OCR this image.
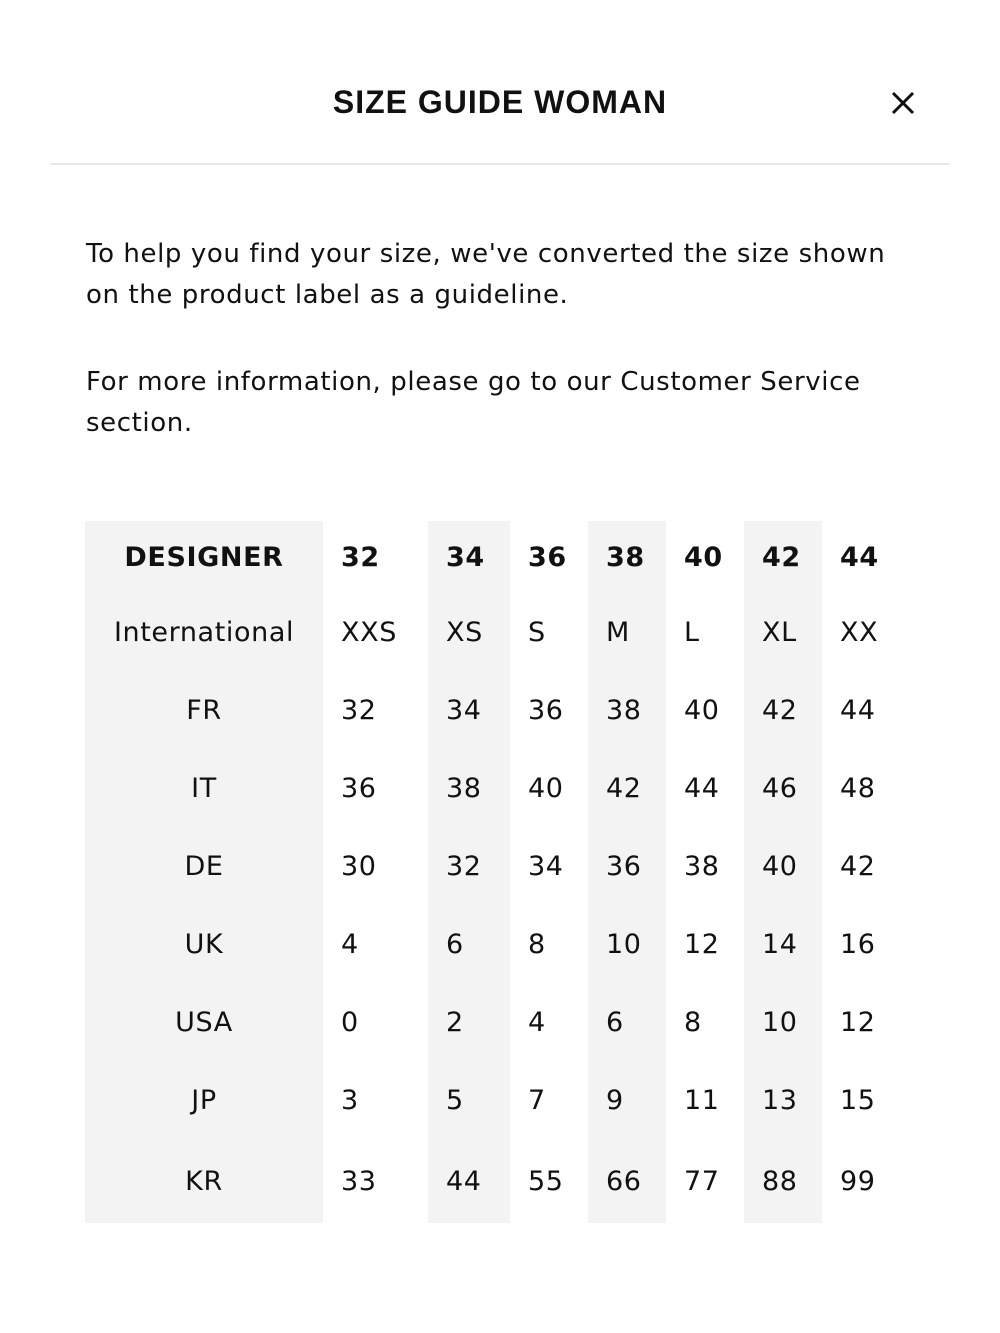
SIZE GUIDE WOMAN

To help you find your size, we've converted the size shown on the product label as a guideline.

For more information, please go to our Customer Service section.

DESIGNER	32	34	36	38	40	42	44
International	XXS	XS	S	M	L	XL	XX
FR	32	34	36	38	40	42	44
IT	36	38	40	42	44	46	48
DE	30	32	34	36	38	40	42
UK	4	6	8	10	12	14	16
USA	0	2	4	6	8	10	12
JP	3	5	7	9	11	13	15
KR	33	44	55	66	77	88	99
